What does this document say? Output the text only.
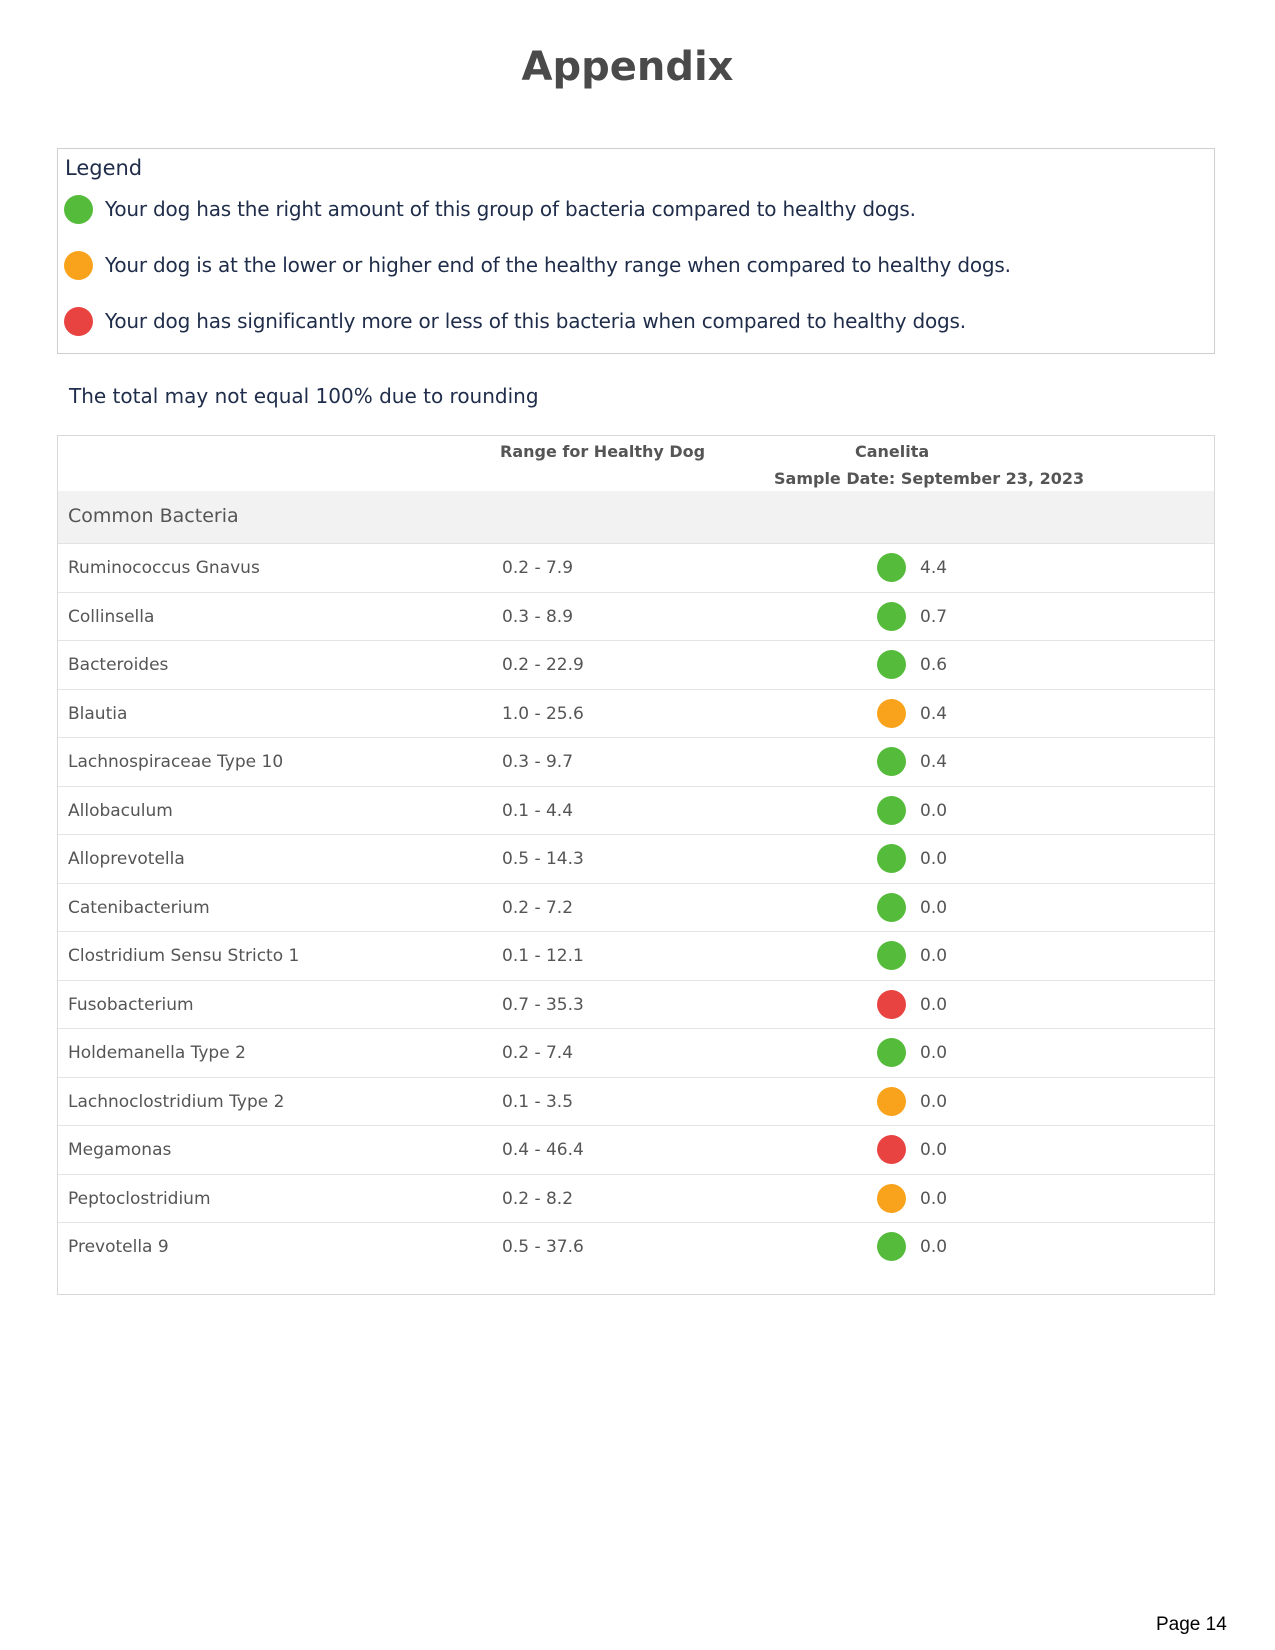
Appendix
Legend
Your dog has the right amount of this group of bacteria compared to healthy dogs.
Your dog is at the lower or higher end of the healthy range when compared to healthy dogs.
Your dog has significantly more or less of this bacteria when compared to healthy dogs.
The total may not equal 100% due to rounding
Range for Healthy Dog	Canelita
Sample Date: September 23, 2023
Common Bacteria
Ruminococcus Gnavus	0.2 - 7.9	4.4
Collinsella	0.3 - 8.9	0.7
Bacteroides	0.2 - 22.9	0.6
Blautia	1.0 - 25.6	0.4
Lachnospiraceae Type 10	0.3 - 9.7	0.4
Allobaculum	0.1 - 4.4	0.0
Alloprevotella	0.5 - 14.3	0.0
Catenibacterium	0.2 - 7.2	0.0
Clostridium Sensu Stricto 1	0.1 - 12.1	0.0
Fusobacterium	0.7 - 35.3	0.0
Holdemanella Type 2	0.2 - 7.4	0.0
Lachnoclostridium Type 2	0.1 - 3.5	0.0
Megamonas	0.4 - 46.4	0.0
Peptoclostridium	0.2 - 8.2	0.0
Prevotella 9	0.5 - 37.6	0.0
Page 14
